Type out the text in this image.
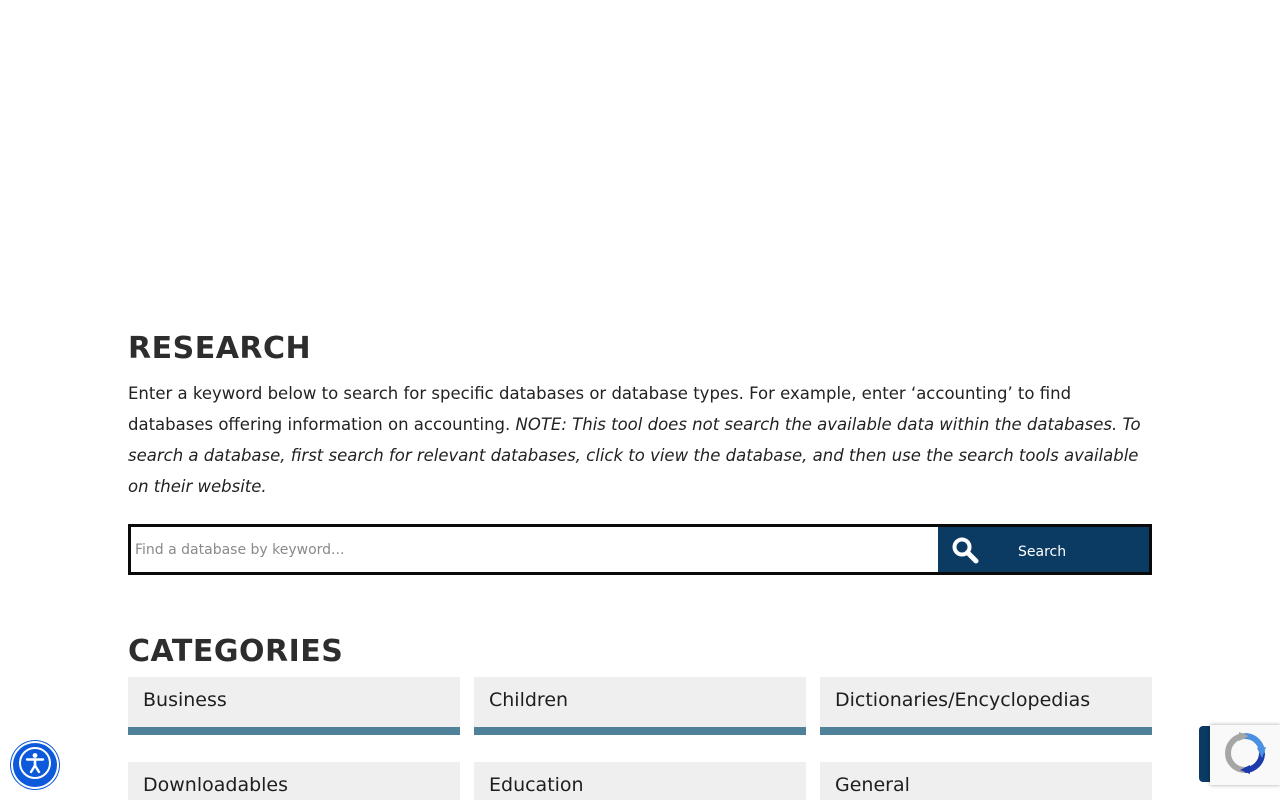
RESEARCH

Enter a keyword below to search for specific databases or database types. For example, enter ‘accounting’ to find databases offering information on accounting. NOTE: This tool does not search the available data within the databases. To search a database, first search for relevant databases, click to view the database, and then use the search tools available on their website.

Find a database by keyword...
Search
CATEGORIES
Business	Children	Dictionaries/Encyclopedias
Downloadables	Education	General
